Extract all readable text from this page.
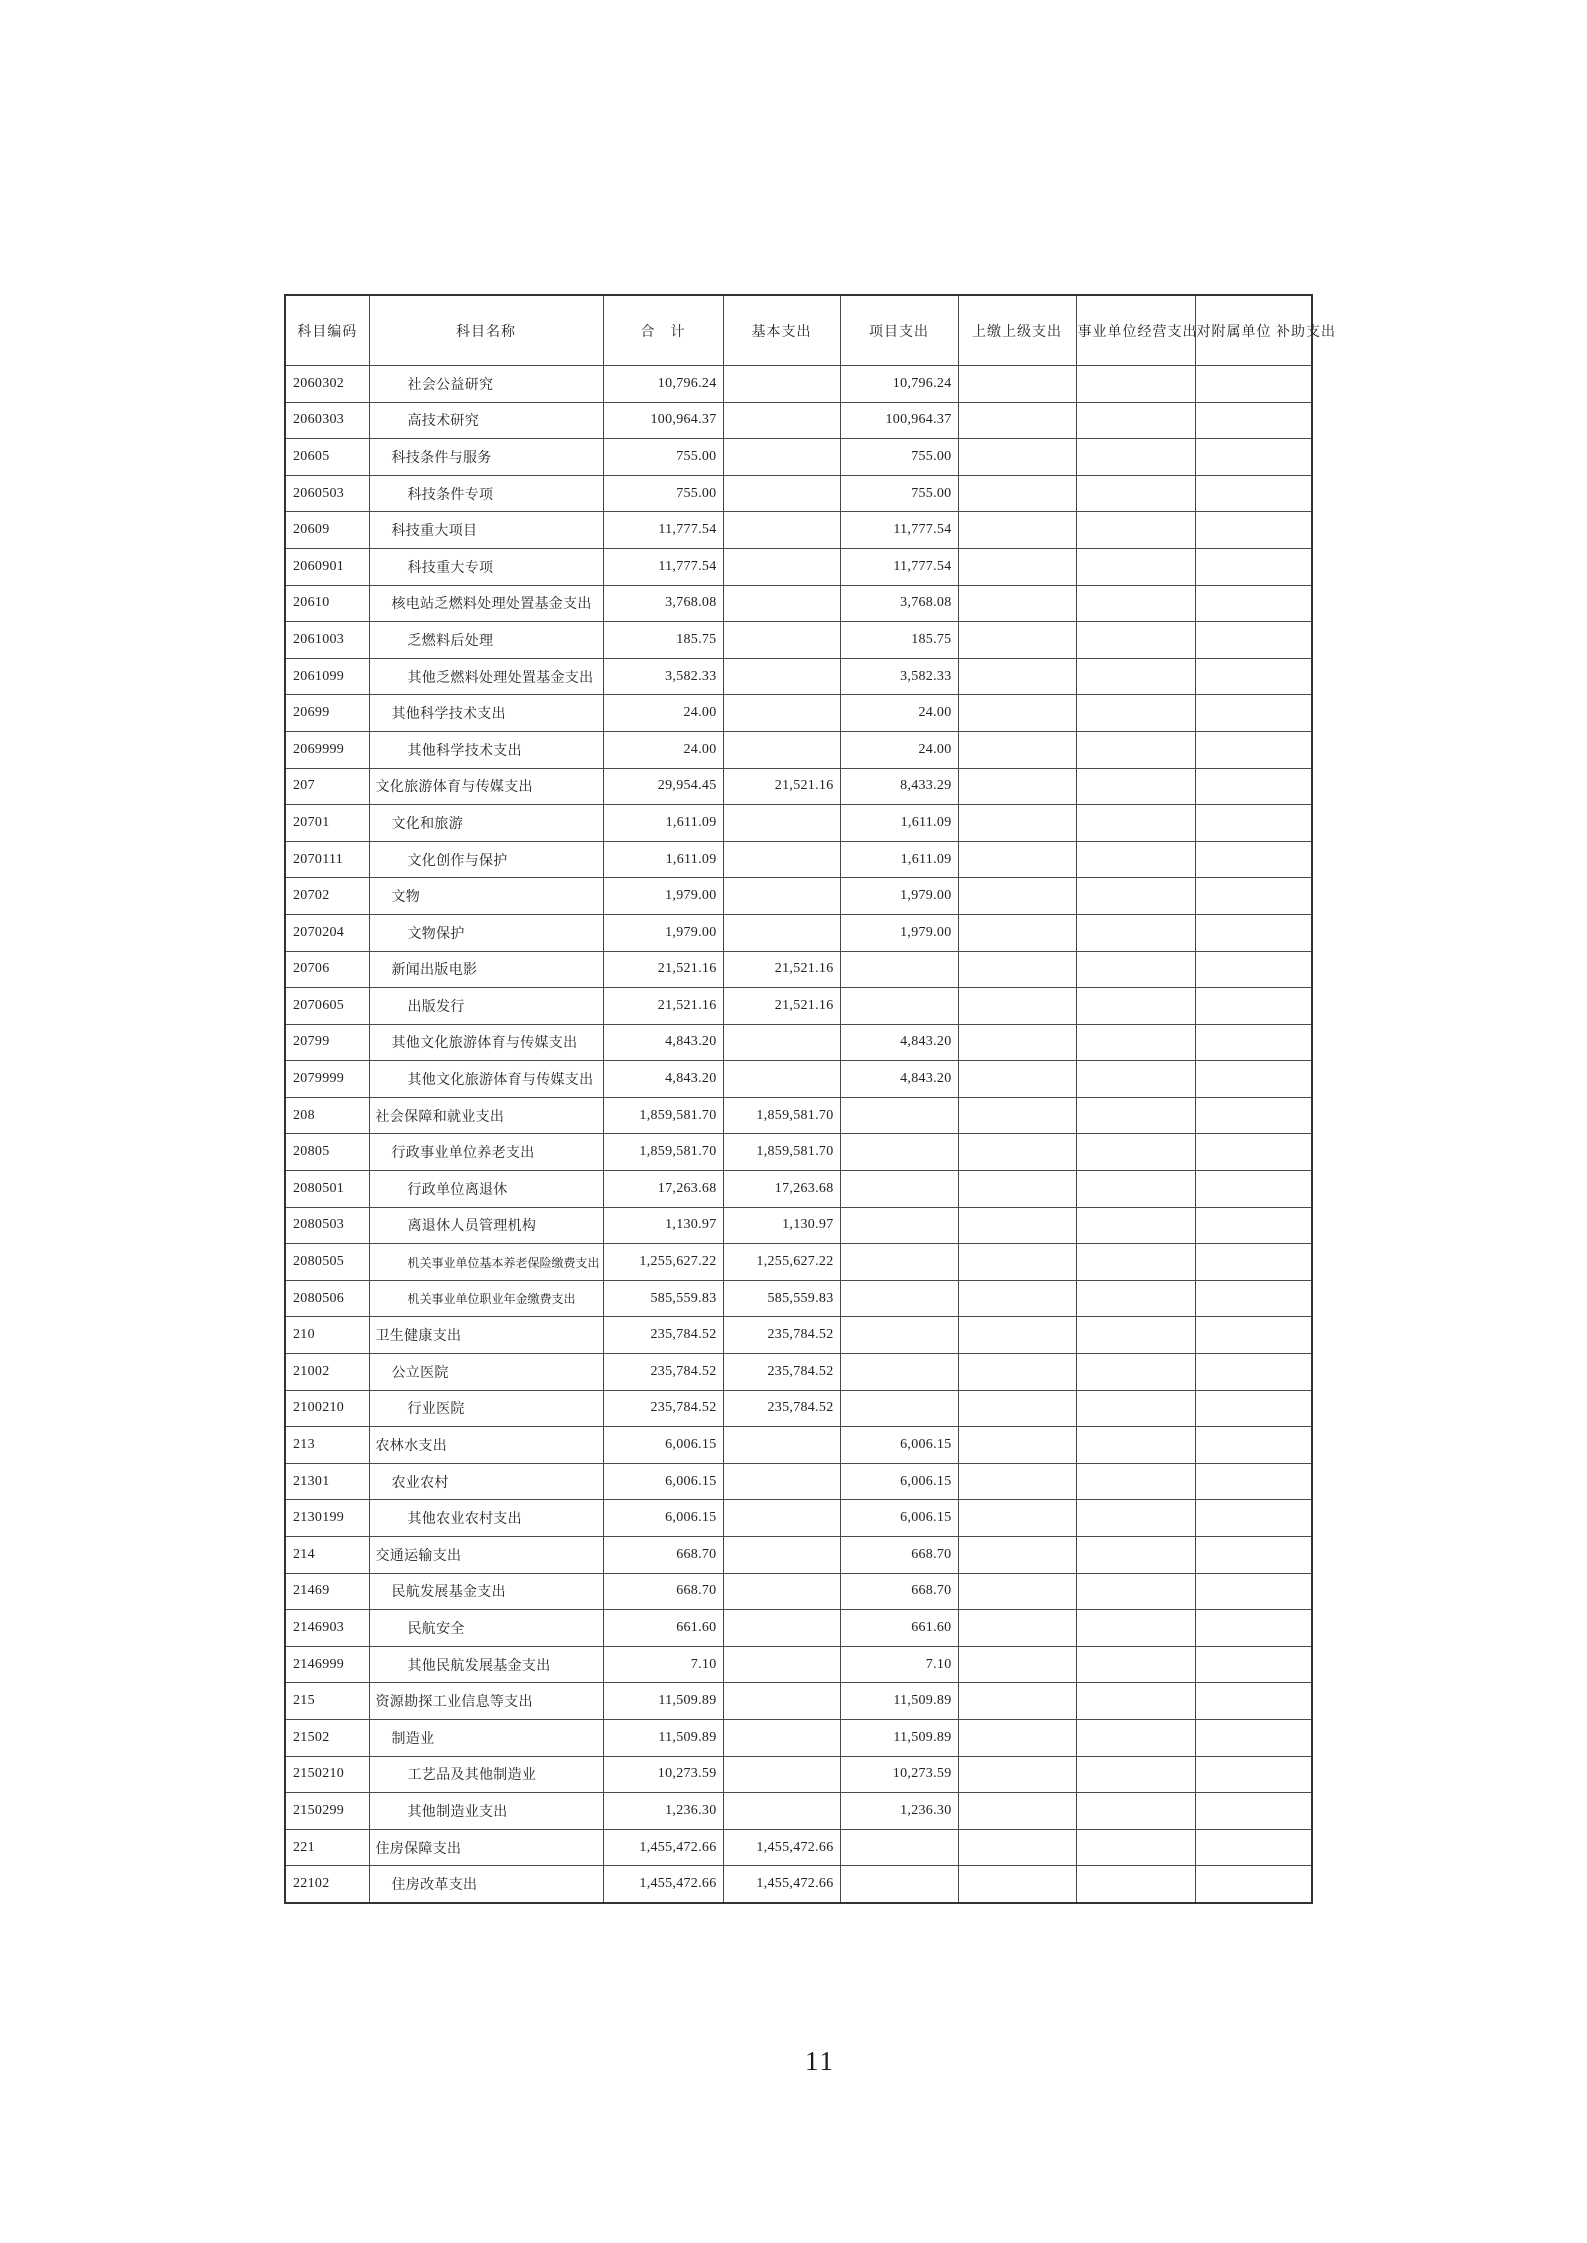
科目编码	科目名称	合　计	基本支出	项目支出	上缴上级支出	事业单位经营支出	对附属单位 补助支出
2060302	社会公益研究	10,796.24		10,796.24			
2060303	高技术研究	100,964.37		100,964.37			
20605	科技条件与服务	755.00		755.00			
2060503	科技条件专项	755.00		755.00			
20609	科技重大项目	11,777.54		11,777.54			
2060901	科技重大专项	11,777.54		11,777.54			
20610	核电站乏燃料处理处置基金支出	3,768.08		3,768.08			
2061003	乏燃料后处理	185.75		185.75			
2061099	其他乏燃料处理处置基金支出	3,582.33		3,582.33			
20699	其他科学技术支出	24.00		24.00			
2069999	其他科学技术支出	24.00		24.00			
207	文化旅游体育与传媒支出	29,954.45	21,521.16	8,433.29			
20701	文化和旅游	1,611.09		1,611.09			
2070111	文化创作与保护	1,611.09		1,611.09			
20702	文物	1,979.00		1,979.00			
2070204	文物保护	1,979.00		1,979.00			
20706	新闻出版电影	21,521.16	21,521.16				
2070605	出版发行	21,521.16	21,521.16				
20799	其他文化旅游体育与传媒支出	4,843.20		4,843.20			
2079999	其他文化旅游体育与传媒支出	4,843.20		4,843.20			
208	社会保障和就业支出	1,859,581.70	1,859,581.70				
20805	行政事业单位养老支出	1,859,581.70	1,859,581.70				
2080501	行政单位离退休	17,263.68	17,263.68				
2080503	离退休人员管理机构	1,130.97	1,130.97				
2080505	机关事业单位基本养老保险缴费支出	1,255,627.22	1,255,627.22				
2080506	机关事业单位职业年金缴费支出	585,559.83	585,559.83				
210	卫生健康支出	235,784.52	235,784.52				
21002	公立医院	235,784.52	235,784.52				
2100210	行业医院	235,784.52	235,784.52				
213	农林水支出	6,006.15		6,006.15			
21301	农业农村	6,006.15		6,006.15			
2130199	其他农业农村支出	6,006.15		6,006.15			
214	交通运输支出	668.70		668.70			
21469	民航发展基金支出	668.70		668.70			
2146903	民航安全	661.60		661.60			
2146999	其他民航发展基金支出	7.10		7.10			
215	资源勘探工业信息等支出	11,509.89		11,509.89			
21502	制造业	11,509.89		11,509.89			
2150210	工艺品及其他制造业	10,273.59		10,273.59			
2150299	其他制造业支出	1,236.30		1,236.30			
221	住房保障支出	1,455,472.66	1,455,472.66				
22102	住房改革支出	1,455,472.66	1,455,472.66				
11
